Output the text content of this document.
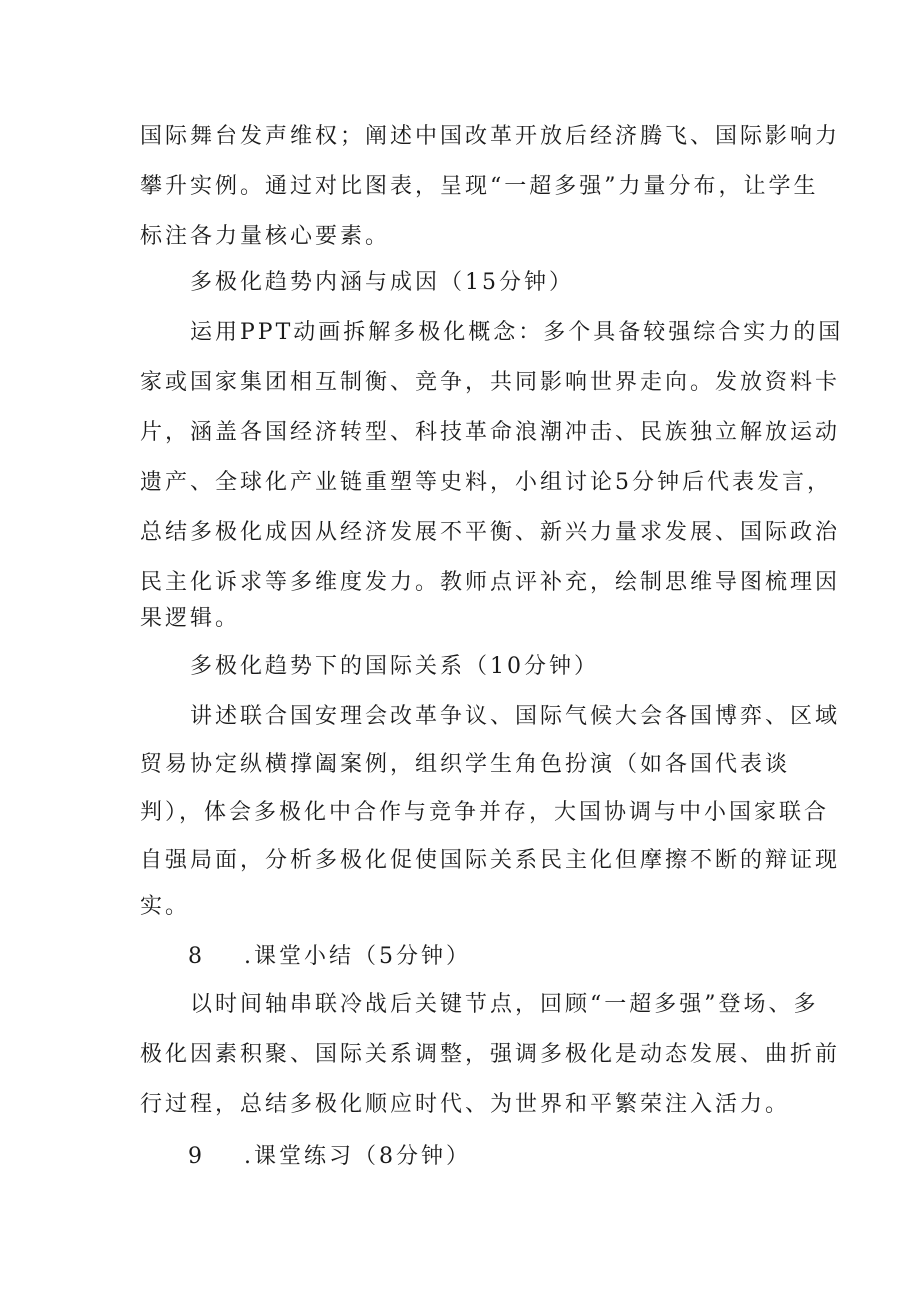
国际舞台发声维权；阐述中国改革开放后经济腾飞、国际影响力
攀升实例。通过对比图表，呈现“一超多强”力量分布，让学生
标注各力量核心要素。
多极化趋势内涵与成因（15分钟）
运用PPT动画拆解多极化概念：多个具备较强综合实力的国
家或国家集团相互制衡、竞争，共同影响世界走向。发放资料卡
片，涵盖各国经济转型、科技革命浪潮冲击、民族独立解放运动
遗产、全球化产业链重塑等史料，小组讨论5分钟后代表发言，
总结多极化成因从经济发展不平衡、新兴力量求发展、国际政治
民主化诉求等多维度发力。教师点评补充，绘制思维导图梳理因
果逻辑。
多极化趋势下的国际关系（10分钟）
讲述联合国安理会改革争议、国际气候大会各国博弈、区域
贸易协定纵横撑阖案例，组织学生角色扮演（如各国代表谈
判），体会多极化中合作与竞争并存，大国协调与中小国家联合
自强局面，分析多极化促使国际关系民主化但摩擦不断的辩证现
实。
8 .课堂小结（5分钟）
以时间轴串联冷战后关键节点，回顾“一超多强”登场、多
极化因素积聚、国际关系调整，强调多极化是动态发展、曲折前
行过程，总结多极化顺应时代、为世界和平繁荣注入活力。
9 .课堂练习（8分钟）
